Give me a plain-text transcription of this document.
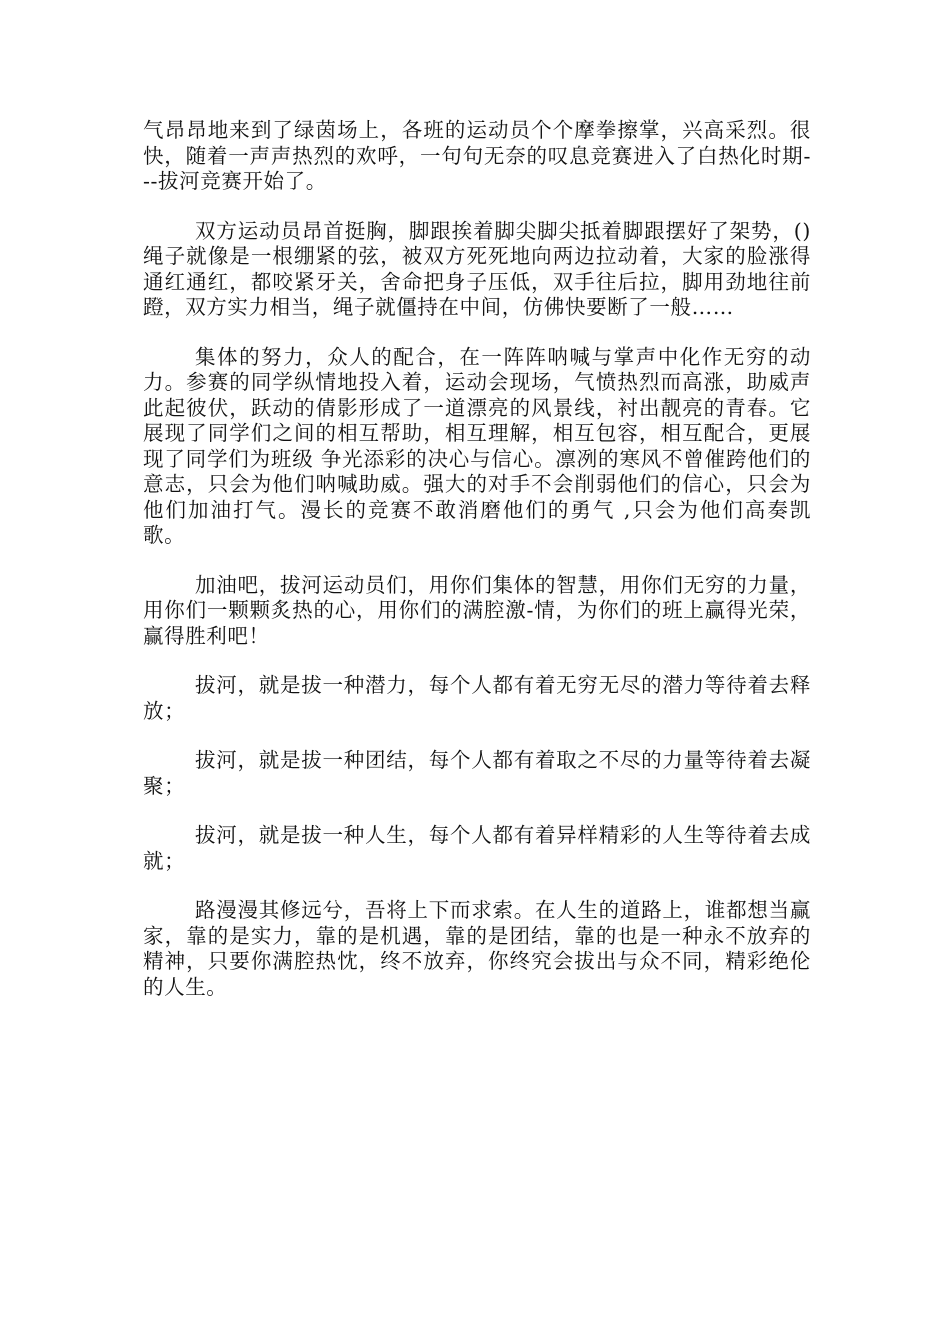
气昂昂地来到了绿茵场上，各班的运动员个个摩拳擦掌，兴高采烈。很快，随着一声声热烈的欢呼，一句句无奈的叹息竞赛进入了白热化时期---拔河竞赛开始了。

双方运动员昂首挺胸，脚跟挨着脚尖脚尖抵着脚跟摆好了架势，()绳子就像是一根绷紧的弦，被双方死死地向两边拉动着，大家的脸涨得通红通红，都咬紧牙关，舍命把身子压低，双手往后拉，脚用劲地往前蹬，双方实力相当，绳子就僵持在中间，仿佛快要断了一般……

集体的努力，众人的配合，在一阵阵呐喊与掌声中化作无穷的动力。参赛的同学纵情地投入着，运动会现场，气愤热烈而高涨，助威声此起彼伏，跃动的倩影形成了一道漂亮的风景线，衬出靓亮的青春。它展现了同学们之间的相互帮助，相互理解，相互包容，相互配合，更展现了同学们为班级 争光添彩的决心与信心。凛冽的寒风不曾催跨他们的意志，只会为他们呐喊助威。强大的对手不会削弱他们的信心，只会为他们加油打气。漫长的竞赛不敢消磨他们的勇气 ,只会为他们高奏凯歌。

加油吧，拔河运动员们，用你们集体的智慧，用你们无穷的力量，用你们一颗颗炙热的心，用你们的满腔激-情，为你们的班上赢得光荣，赢得胜利吧！

拔河，就是拔一种潜力，每个人都有着无穷无尽的潜力等待着去释放；

拔河，就是拔一种团结，每个人都有着取之不尽的力量等待着去凝聚；

拔河，就是拔一种人生，每个人都有着异样精彩的人生等待着去成就；

路漫漫其修远兮，吾将上下而求索。在人生的道路上，谁都想当赢家，靠的是实力，靠的是机遇，靠的是团结，靠的也是一种永不放弃的精神，只要你满腔热忱，终不放弃，你终究会拔出与众不同，精彩绝伦的人生。
